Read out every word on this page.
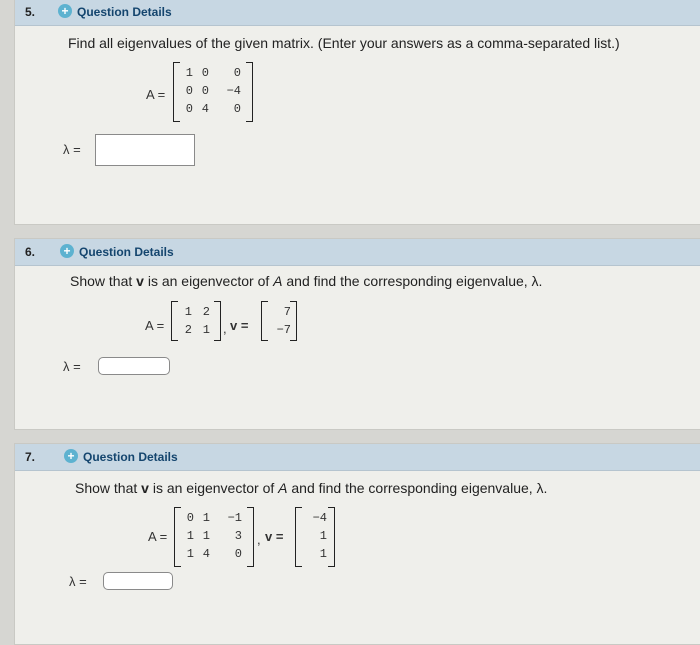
5. + Question Details
Find all eigenvalues of the given matrix. (Enter your answers as a comma-separated list.)
A =
1 0	0
0 0	−4
0 4	0
λ =
6. + Question Details
Show that v is an eigenvector of A and find the corresponding eigenvalue, λ.
A =
1 2
2 1 , v =
7
−7
λ =
7.	+ Question Details
Show that v is an eigenvector of A and find the corresponding eigenvalue, λ.
A =
0 1	−1
1 1	3
1 4	0
, v =
−4
1
1
λ =
